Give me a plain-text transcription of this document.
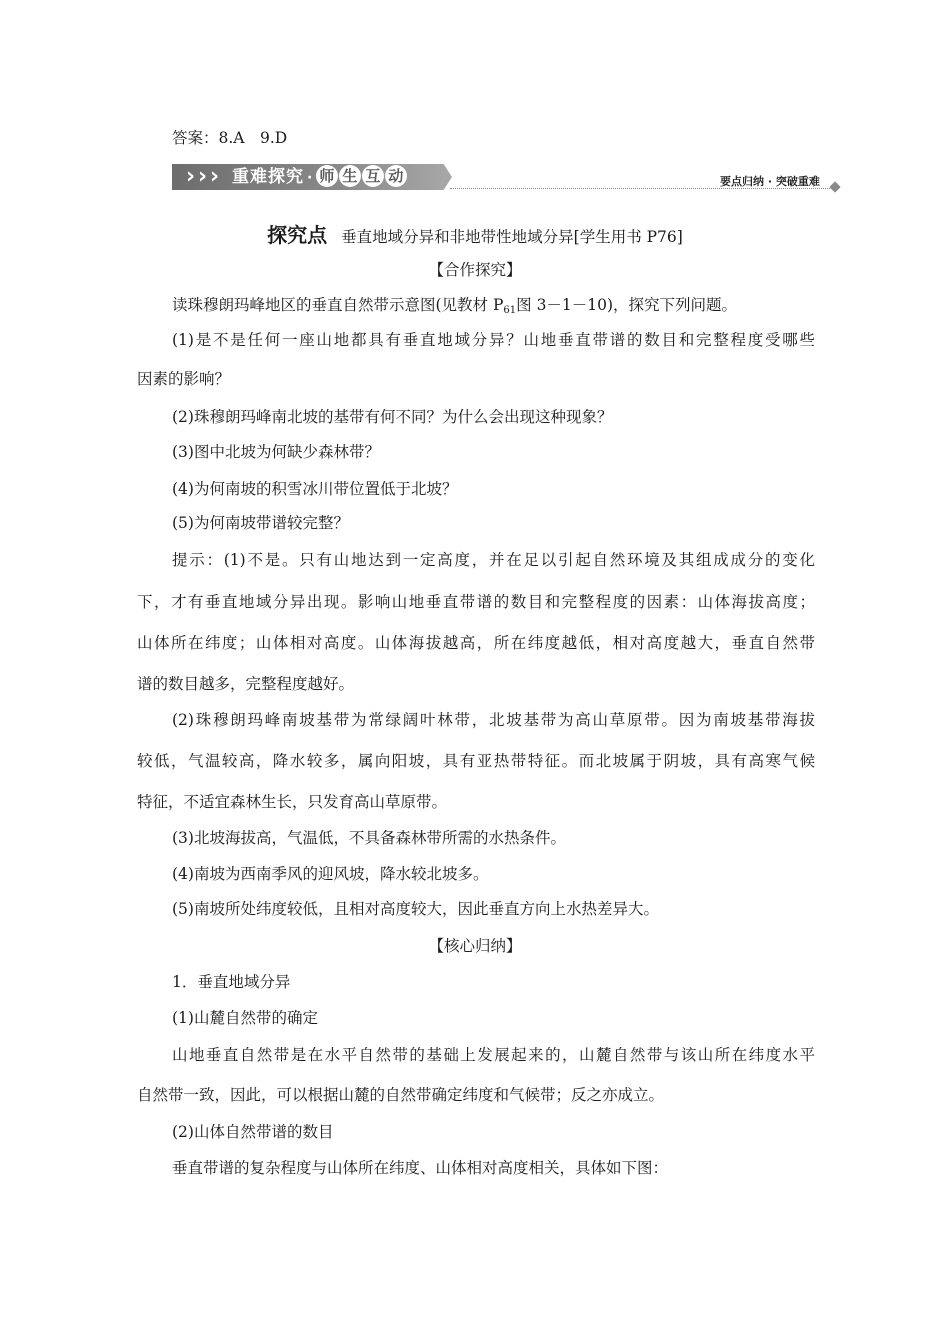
答案：8.A　9.D
› › › 重难探究 · 师 生 互 动	要点归纳 · 突破重难
探究点 垂直地域分异和非地带性地域分异[学生用书 P76]
【合作探究】
读珠穆朗玛峰地区的垂直自然带示意图(见教材 $P_{61}$图 3－1－10)，探究下列问题。
(1)是不是任何一座山地都具有垂直地域分异？山地垂直带谱的数目和完整程度受哪些
因素的影响？
(2)珠穆朗玛峰南北坡的基带有何不同？为什么会出现这种现象？
(3)图中北坡为何缺少森林带？
(4)为何南坡的积雪冰川带位置低于北坡？
(5)为何南坡带谱较完整？
提示：(1)不是。只有山地达到一定高度，并在足以引起自然环境及其组成成分的变化
下，才有垂直地域分异出现。影响山地垂直带谱的数目和完整程度的因素：山体海拔高度；
山体所在纬度；山体相对高度。山体海拔越高，所在纬度越低，相对高度越大，垂直自然带
谱的数目越多，完整程度越好。
(2)珠穆朗玛峰南坡基带为常绿阔叶林带，北坡基带为高山草原带。因为南坡基带海拔
较低，气温较高，降水较多，属向阳坡，具有亚热带特征。而北坡属于阴坡，具有高寒气候
特征，不适宜森林生长，只发育高山草原带。
(3)北坡海拔高，气温低，不具备森林带所需的水热条件。
(4)南坡为西南季风的迎风坡，降水较北坡多。
(5)南坡所处纬度较低，且相对高度较大，因此垂直方向上水热差异大。
【核心归纳】
1．垂直地域分异
(1)山麓自然带的确定
山地垂直自然带是在水平自然带的基础上发展起来的，山麓自然带与该山所在纬度水平
自然带一致，因此，可以根据山麓的自然带确定纬度和气候带；反之亦成立。
(2)山体自然带谱的数目
垂直带谱的复杂程度与山体所在纬度、山体相对高度相关，具体如下图：
